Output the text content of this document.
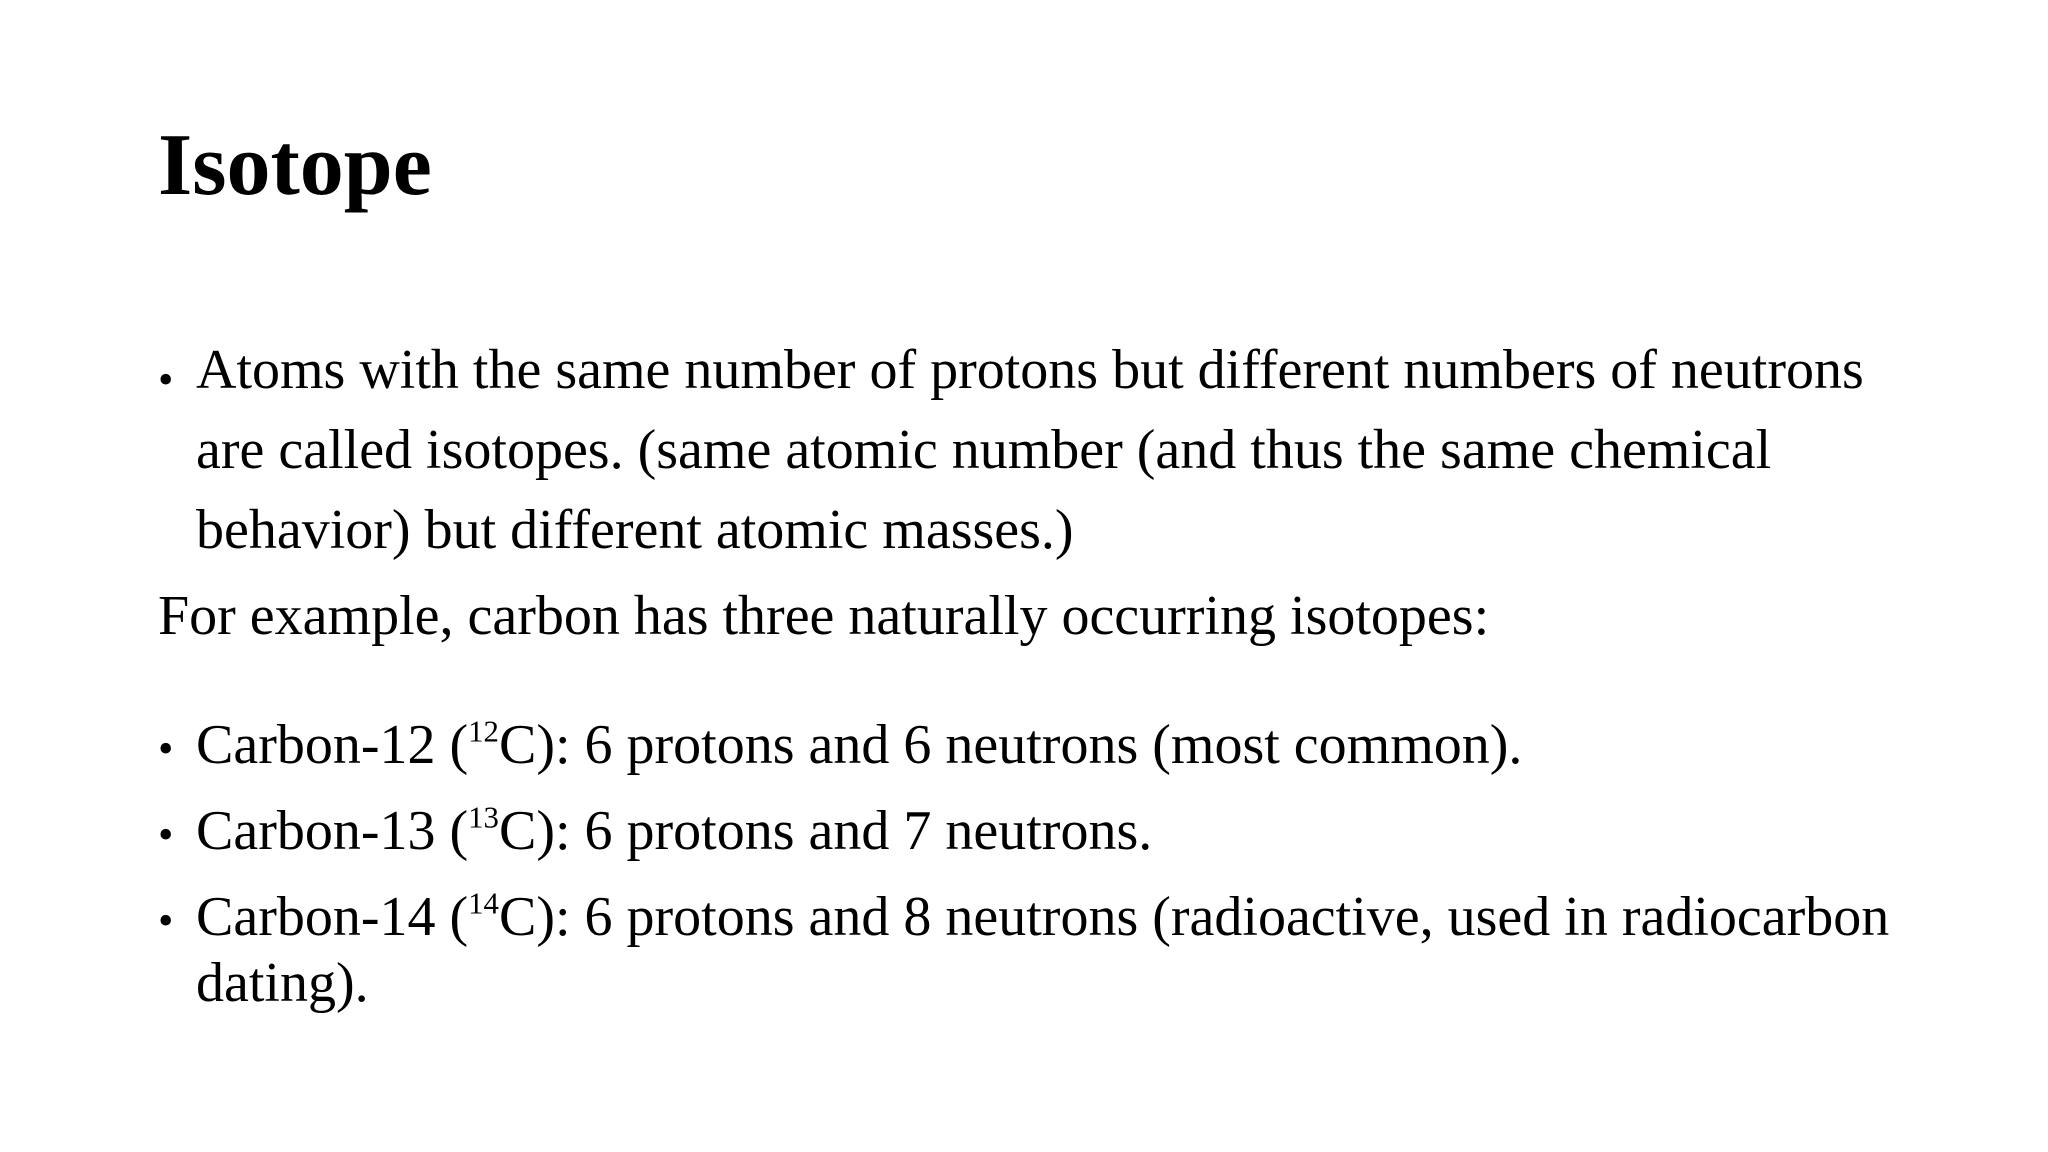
Isotope

• Atoms with the same number of protons but different numbers of neutrons are called isotopes. (same atomic number (and thus the same chemical behavior) but different atomic masses.)

For example, carbon has three naturally occurring isotopes:

• Carbon-12 ($^{12}$C): 6 protons and 6 neutrons (most common).

• Carbon-13 ($^{13}$C): 6 protons and 7 neutrons.

• Carbon-14 ($^{14}$C): 6 protons and 8 neutrons (radioactive, used in radiocarbon dating).
